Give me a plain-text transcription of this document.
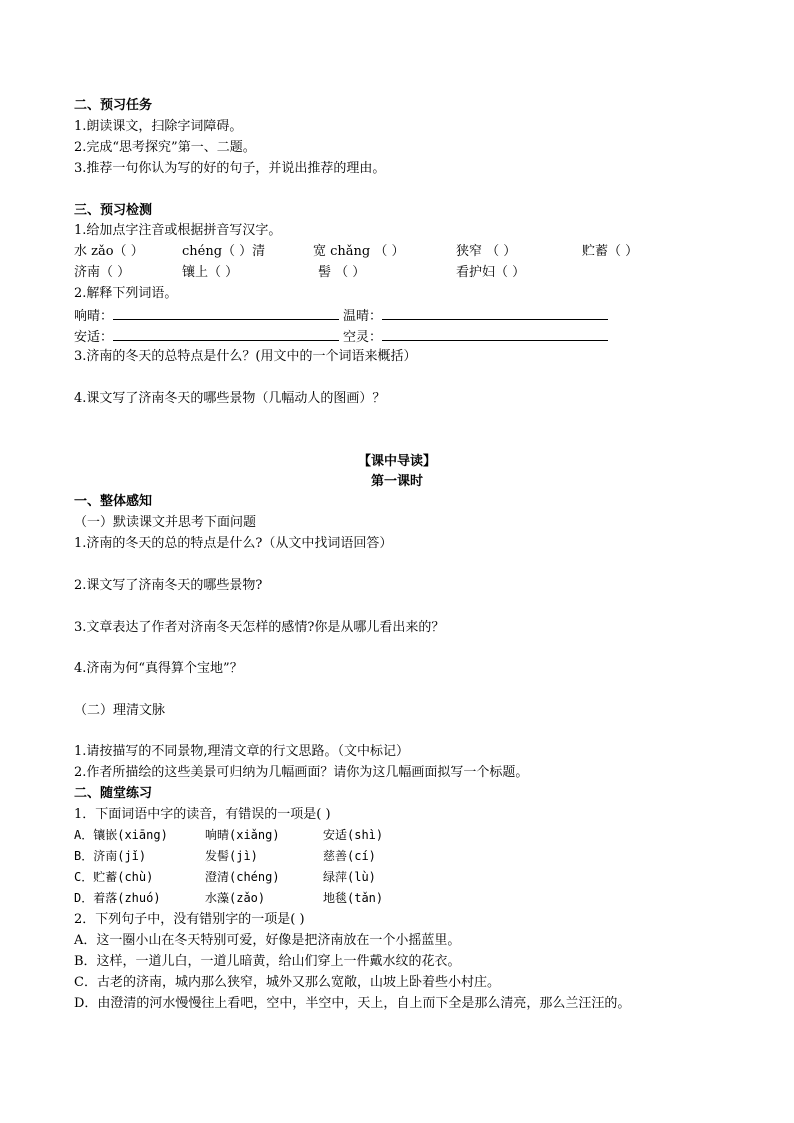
二、预习任务
1.朗读课文，扫除字词障碍。
2.完成“思考探究”第一、二题。
3.推荐一句你认为写的好的句子，并说出推荐的理由。
三、预习检测
1.给加点字注音或根据拼音写汉字。
水 zǎo（ ）	chéng（ ）清	宽 chǎng （ ）	狭窄 （ ）	贮蓄（ ）
济南（ ）	镶上（ ）	髻 （ ）	看护妇（ ）
2.解释下列词语。
响晴：	温晴：
安适：	空灵：
3.济南的冬天的总特点是什么？(用文中的一个词语来概括）
4.课文写了济南冬天的哪些景物（几幅动人的图画）？
【课中导读】
第一课时
一、整体感知
（一）默读课文并思考下面问题
1.济南的冬天的总的特点是什么?（从文中找词语回答）
2.课文写了济南冬天的哪些景物?
3.文章表达了作者对济南冬天怎样的感情?你是从哪儿看出来的？
4.济南为何“真得算个宝地”？
（二）理清文脉
1.请按描写的不同景物,理清文章的行文思路。（文中标记）
2.作者所描绘的这些美景可归纳为几幅画面？请你为这几幅画面拟写一个标题。
二、随堂练习
1．下面词语中字的读音，有错误的一项是( )
A．镶嵌(xiāng)	响晴(xiǎng)	安适(shì)
B．济南(jǐ)	发髻(jì)	慈善(cí)
C．贮蓄(chù)	澄清(chéng)	绿萍(lù)
D．着落(zhuó)	水藻(zǎo)	地毯(tǎn)
2．下列句子中，没有错别字的一项是( )
A．这一圈小山在冬天特别可爱，好像是把济南放在一个小摇蓝里。
B．这样，一道儿白，一道儿暗黄，给山们穿上一件戴水纹的花衣。
C．古老的济南，城内那么狭窄，城外又那么宽敞，山坡上卧着些小村庄。
D．由澄清的河水慢慢往上看吧，空中，半空中，天上，自上而下全是那么清亮，那么兰汪汪的。
